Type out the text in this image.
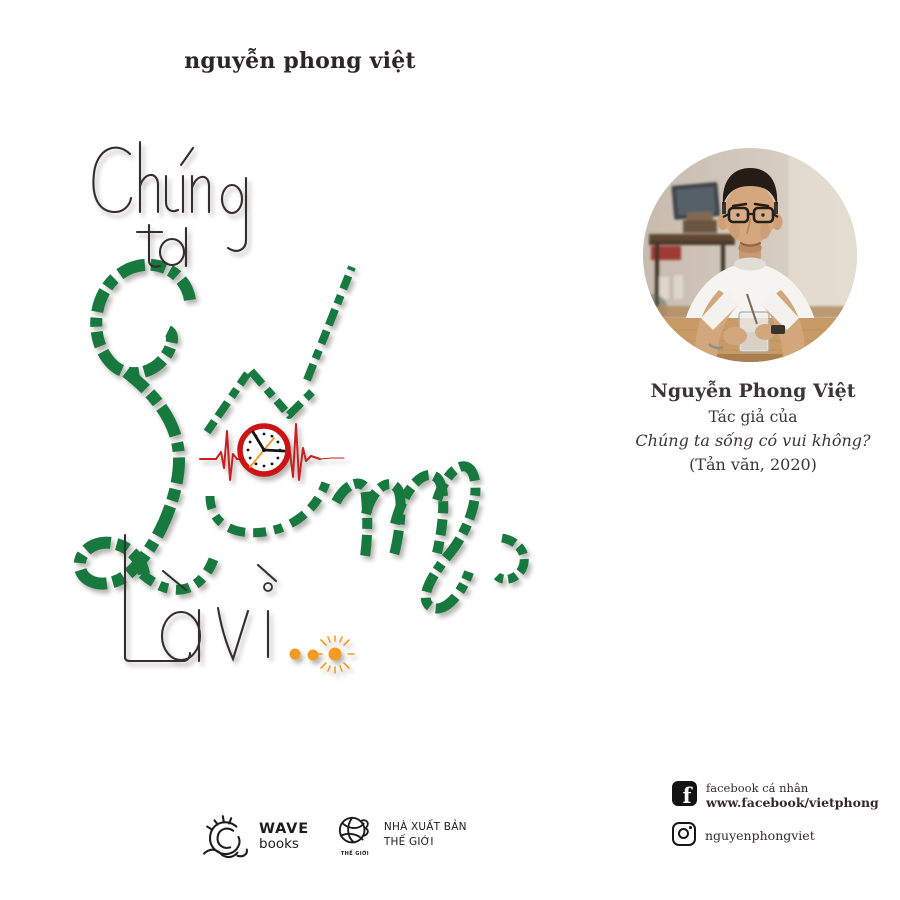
nguyễn phong việt
Nguyễn Phong Việt
Tác giả của
Chúng ta sống có vui không?
(Tản văn, 2020)
WAVE
books
THẾ GIỚI
NHÀ XUẤT BẢN
THẾ GIỚI
f	facebook cá nhân
www.facebook/vietphong
nguyenphongviet
